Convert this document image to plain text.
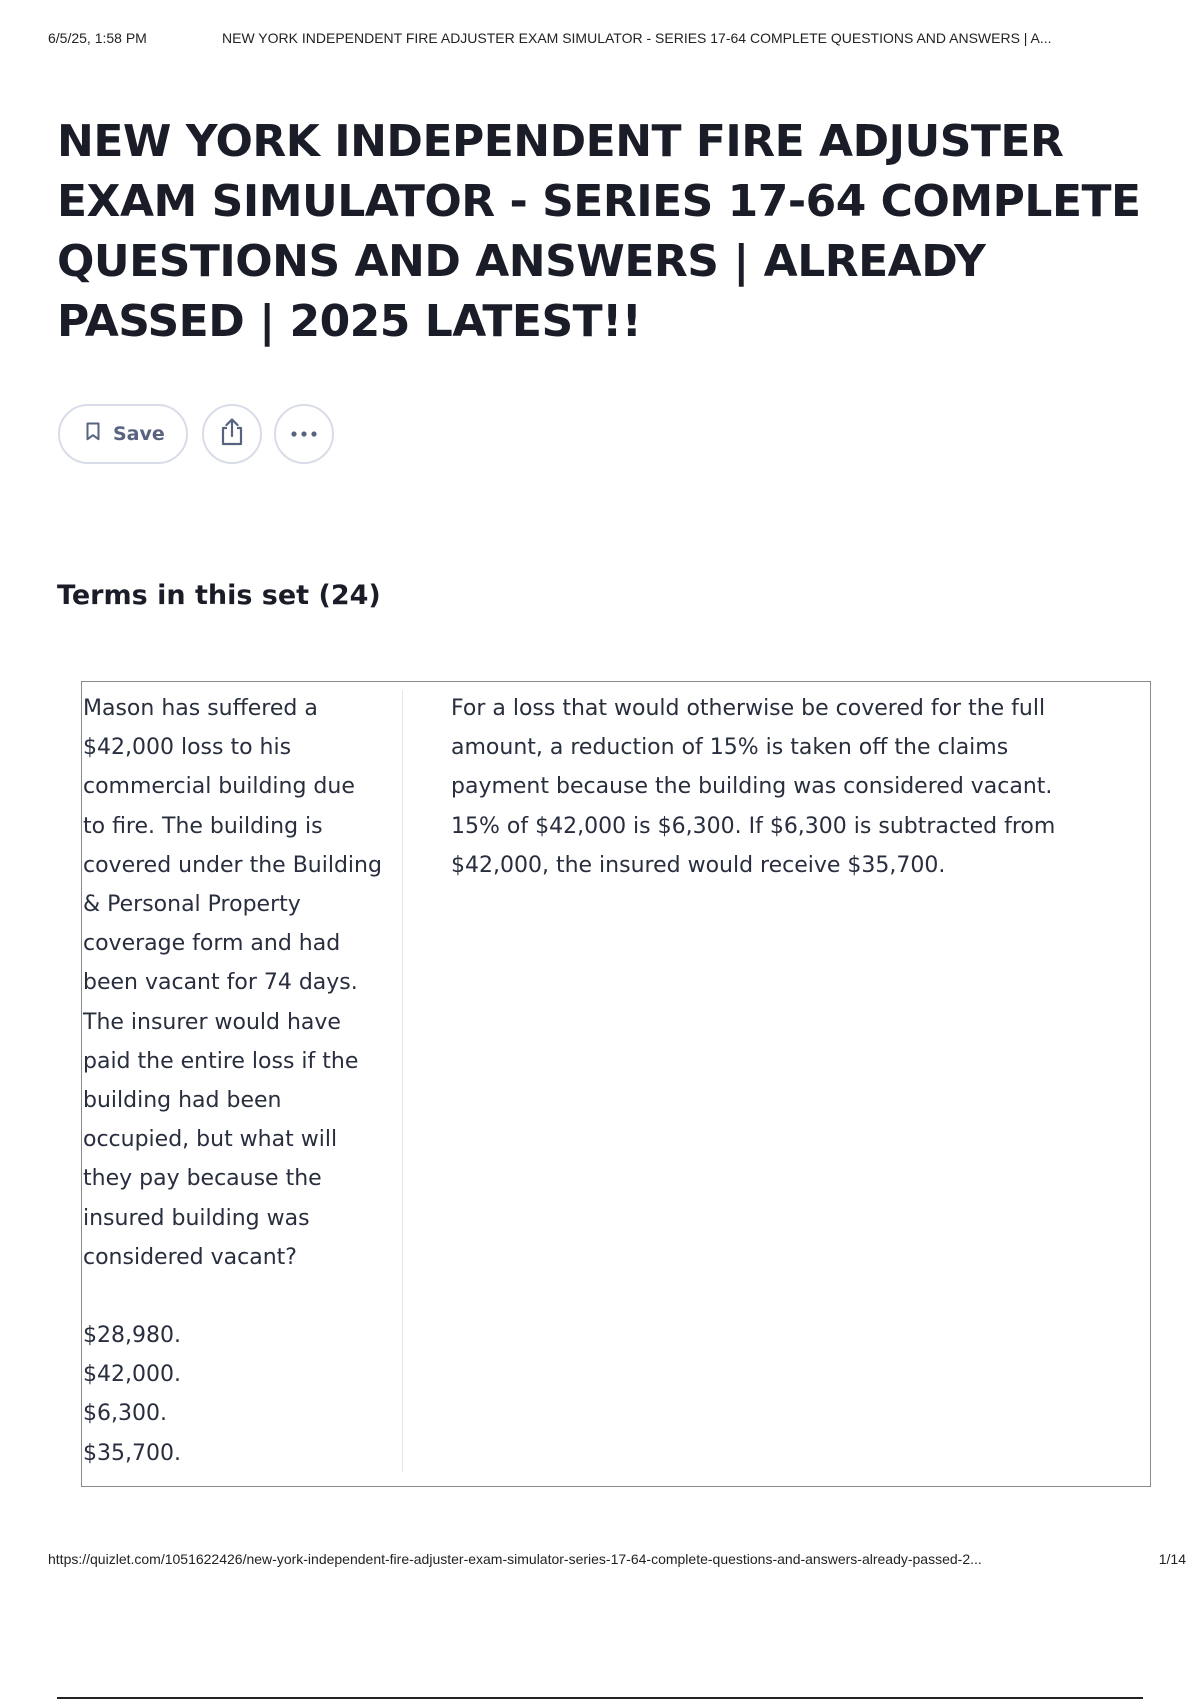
6/5/25, 1:58 PM	NEW YORK INDEPENDENT FIRE ADJUSTER EXAM SIMULATOR - SERIES 17-64 COMPLETE QUESTIONS AND ANSWERS | A...
NEW YORK INDEPENDENT FIRE ADJUSTER EXAM SIMULATOR - SERIES 17-64 COMPLETE QUESTIONS AND ANSWERS | ALREADY PASSED | 2025 LATEST!!
Save
Terms in this set (24)
Mason has suffered a $42,000 loss to his commercial building due to fire. The building is covered under the Building & Personal Property coverage form and had been vacant for 74 days. The insurer would have paid the entire loss if the building had been occupied, but what will they pay because the insured building was considered vacant?
$28,980.
$42,000.
$6,300.
$35,700.
For a loss that would otherwise be covered for the full amount, a reduction of 15% is taken off the claims payment because the building was considered vacant. 15% of $42,000 is $6,300. If $6,300 is subtracted from $42,000, the insured would receive $35,700.
https://quizlet.com/1051622426/new-york-independent-fire-adjuster-exam-simulator-series-17-64-complete-questions-and-answers-already-passed-2...	1/14
